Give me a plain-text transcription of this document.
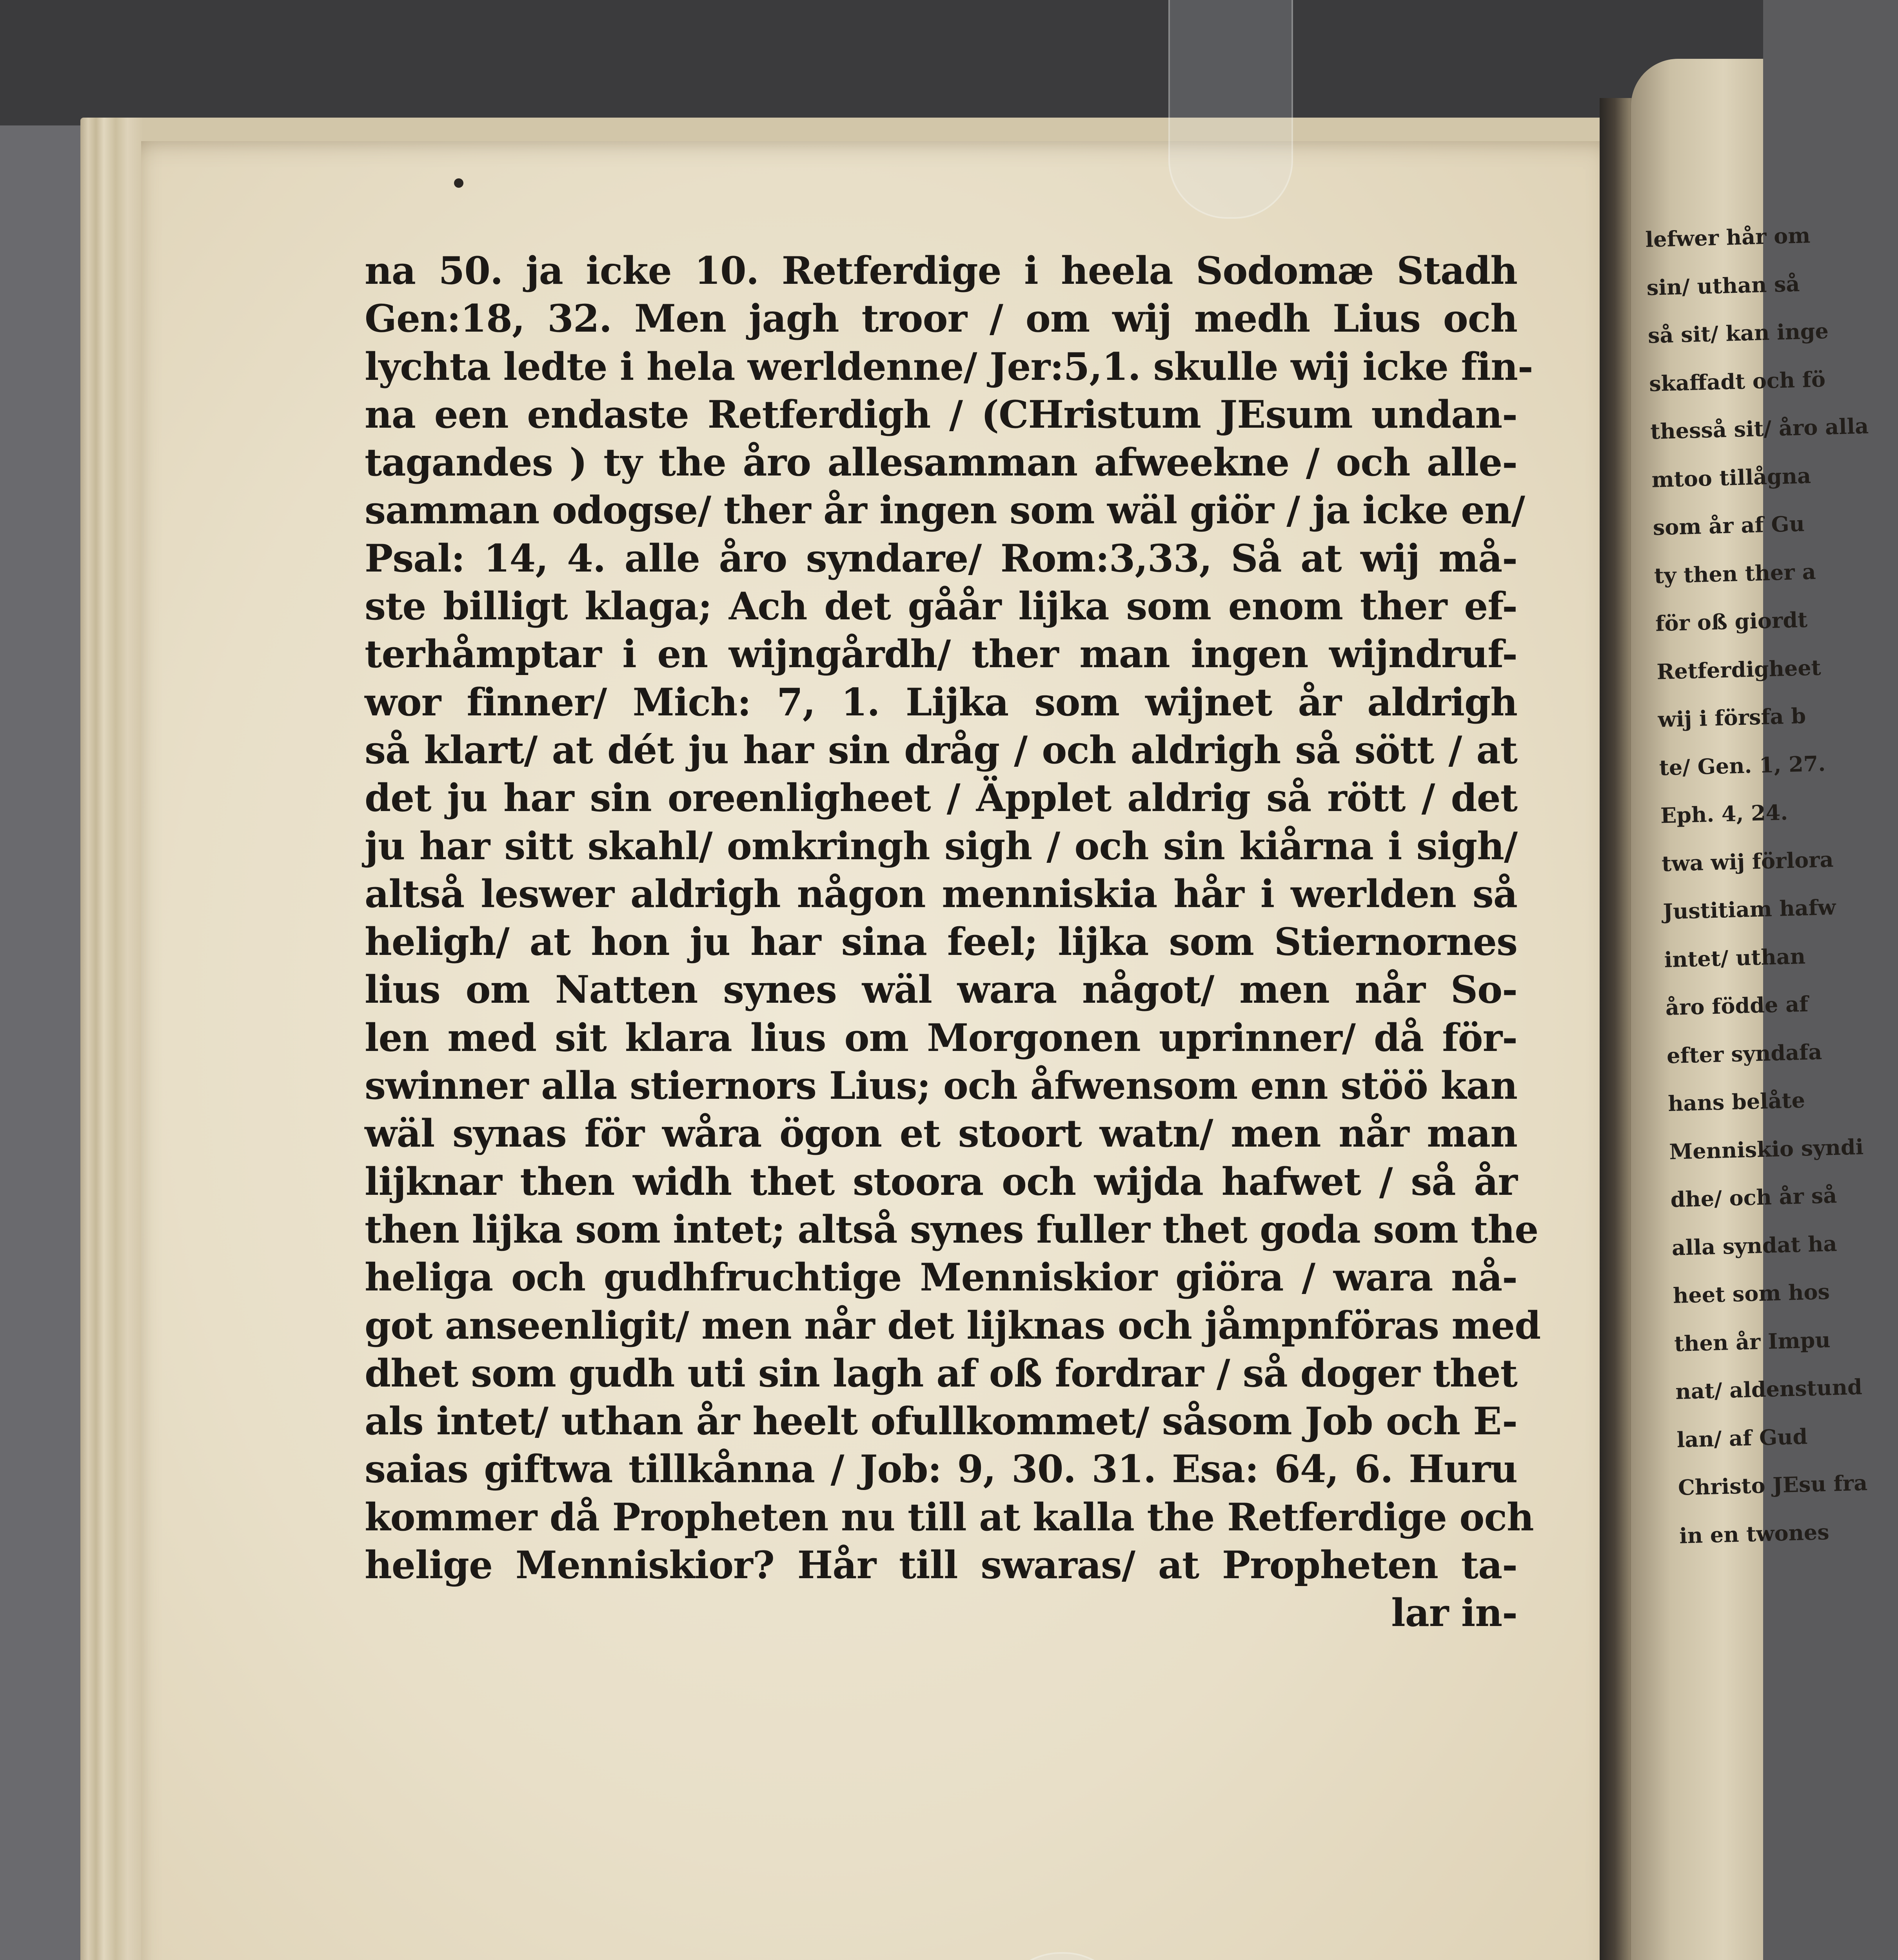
na 50. ja icke 10. Retferdige i heela Sodomæ Stadh
Gen:18, 32. Men jagh troor / om wij medh Lius och
lychta ledte i hela werldenne/ Jer:5,1. skulle wij icke fin-
na een endaste Retferdigh / (CHristum JEsum undan-
tagandes ) ty the åro allesamman afweekne / och alle-
samman odogse/ ther år ingen som wäl giör / ja icke en/
Psal: 14, 4. alle åro syndare/ Rom:3,33, Så at wij må-
ste billigt klaga; Ach det gåår lijka som enom ther ef-
terhåmptar i en wijngårdh/ ther man ingen wijndruf-
wor finner/ Mich: 7, 1. Lijka som wijnet år aldrigh
så klart/ at dét ju har sin dråg / och aldrigh så sött / at
det ju har sin oreenligheet / Äpplet aldrig så rött / det
ju har sitt skahl/ omkringh sigh / och sin kiårna i sigh/
altså leswer aldrigh någon menniskia hår i werlden så
heligh/ at hon ju har sina feel; lijka som Stiernornes
lius om Natten synes wäl wara något/ men når So-
len med sit klara lius om Morgonen uprinner/ då för-
swinner alla stiernors Lius; och åfwensom enn stöö kan
wäl synas för wåra ögon et stoort watn/ men når man
lijknar then widh thet stoora och wijda hafwet / så år
then lijka som intet; altså synes fuller thet goda som the
heliga och gudhfruchtige Menniskior giöra / wara nå-
got anseenligit/ men når det lijknas och jåmpnföras med
dhet som gudh uti sin lagh af oß fordrar / så doger thet
als intet/ uthan år heelt ofullkommet/ såsom Job och E-
saias giftwa tillkånna / Job: 9, 30. 31. Esa: 64, 6. Huru
kommer då Propheten nu till at kalla the Retferdige och
helige Menniskior? Hår till swaras/ at Propheten ta-
lar in-
lefwer hår om
sin/ uthan så
så sit/ kan inge
skaffadt och fö
thesså sit/ åro alla
mtoo tillågna
som år af Gu
ty then ther a
för oß giordt
Retferdigheet
wij i försfa b
te/ Gen. 1, 27.
Eph. 4, 24.
twa wij förlora
Justitiam hafw
intet/ uthan
åro födde af
efter syndafa
hans belåte
Menniskio syndi
dhe/ och år så
alla syndat ha
heet som hos
then år Impu
nat/ aldenstund
lan/ af Gud
Christo JEsu fra
in en twones
